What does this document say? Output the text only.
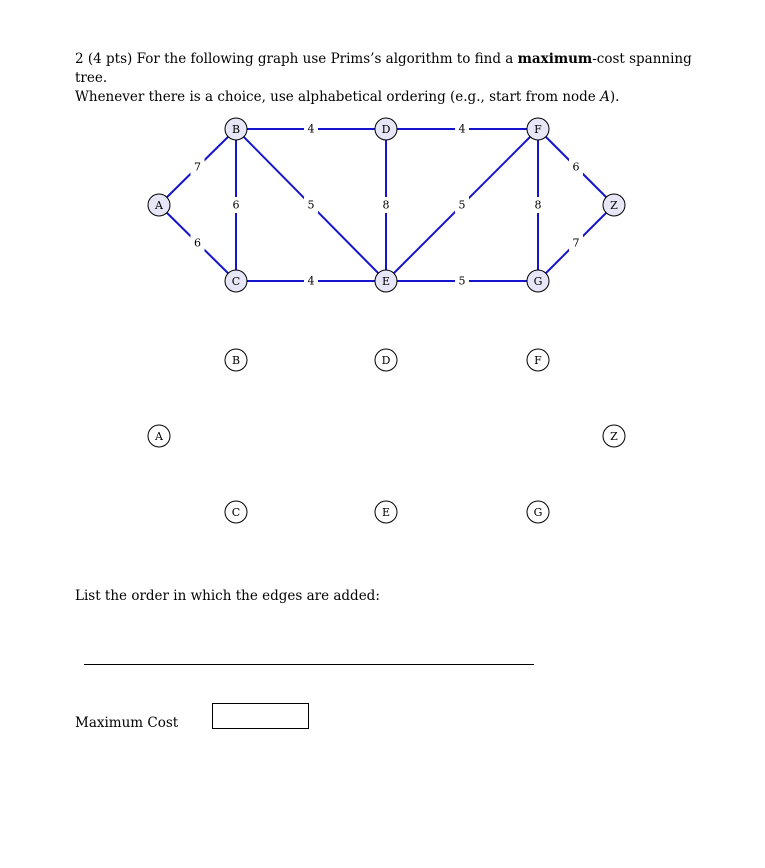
2 (4 pts) For the following graph use Prims’s algorithm to find a maximum-cost spanning tree.
Whenever there is a choice, use alphabetical ordering (e.g., start from node A).
7
6
6
4
5
4
8
4
5
5
8
6
7
A
B
C
D
E
F
G
Z
A
B
C
D
E
F
G
Z
List the order in which the edges are added:
Maximum Cost
